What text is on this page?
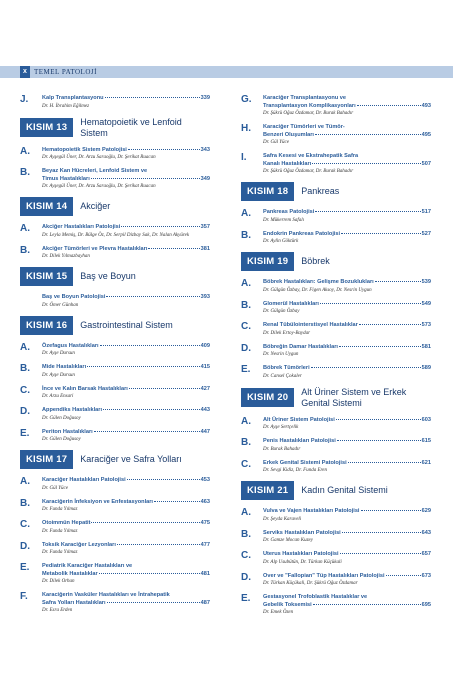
x	TEMEL PATOLOJİ
J. Kalp Transplantasyonu	339
Dr. H. İbrahim Eğilmez
KISIM 13
Hematopoietik ve Lenfoid Sistem
A. Hematopoietik Sistem Patolojisi	343
Dr. Ayşegül Üner, Dr. Arzu Saraoğlu, Dr. Şerikat Ruacan
B. Beyaz Kan Hücreleri, Lenfoid Sistem ve
Timus Hastalıkları	349
Dr. Ayşegül Üner, Dr. Arzu Saraoğlu, Dr. Şerikat Ruacan
KISIM 14	Akciğer
A. Akciğer Hastalıkları Patolojisi	357
Dr. Leyla Memiş, Dr. Bülge Öz, Dr. Serpil Dizbay Sak, Dr. Nalan Akyürek
B. Akciğer Tümörleri ve Plevra Hastalıkları	381
Dr. Dilek Yılmazbayhan
KISIM 15	Baş ve Boyun
Baş ve Boyun Patolojisi	393
Dr. Ömer Günhan
KISIM 16	Gastrointestinal Sistem
A. Özefagus Hastalıkları	409
Dr. Ayşe Dursun
B. Mide Hastalıkları	415
Dr. Ayşe Dursun
C. İnce ve Kalın Barsak Hastalıkları	427
Dr. Arzu Ensari
D. Appendiks Hastalıkları	443
Dr. Gülen Doğusoy
E. Periton Hastalıkları	447
Dr. Gülen Doğusoy
KISIM 17	Karaciğer ve Safra Yolları
A. Karaciğer Hastalıkları Patolojisi	453
Dr. Gül Yüce
B. Karaciğerin İnfeksiyon ve Enfestasyonları	463
Dr. Funda Yılmaz
C. Otoimmün Hepatit	475
Dr. Funda Yılmaz
D. Toksik Karaciğer Lezyonları	477
Dr. Funda Yılmaz
E. Pediatrik Karaciğer Hastalıkları ve
Metabolik Hastalıklar	481
Dr. Dilek Orhan
F.	Karaciğerin Vasküler Hastalıkları ve İntrahepatik
Safra Yolları Hastalıkları	487
Dr. Esra Erden
G. Karaciğer Transplantasyonu ve
Transplantasyon Komplikasyonları	493
Dr. Şükrü Oğuz Özdamar, Dr. Burak Bahadır
H. Karaciğer Tümörleri ve Tümör-
Benzeri Oluşumları	495
Dr. Gül Yüce
I.	Safra Kesesi ve Ekstrahepatik Safra
Kanalı Hastalıkları	507
Dr. Şükrü Oğuz Özdamar, Dr. Burak Bahadır
KISIM 18	Pankreas
A. Pankreas Patolojisi	517
Dr. Mükerrem Safalı
B. Endokrin Pankreas Patolojisi	527
Dr. Aylin Göktürk
KISIM 19	Böbrek
A. Böbrek Hastalıkları: Gelişme Bozuklukları	539
Dr. Gülgün Özbay, Dr. Figen Aksoy, Dr. Nesrin Uygun
B. Glomerül Hastalıkları	549
Dr. Gülgün Özbay
C. Renal Tübülointerstisyel Hastalıklar	573
Dr. Dilek Ertoy-Baydar
D. Böbreğin Damar Hastalıkları	581
Dr. Nesrin Uygun
E. Böbrek Tümörleri	589
Dr. Cansel Çokaler
KISIM 20
Alt Üriner Sistem ve Erkek
Genital Sistemi
A. Alt Üriner Sistem Patolojisi	603
Dr. Ayşe Sertçelik
B. Penis Hastalıkları Patolojisi	615
Dr. Burak Bahadır
C. Erkek Genital Sistemi Patolojisi	621
Dr. Sevgi Kidiz, Dr. Funda Eren
KISIM 21	Kadın Genital Sistemi
A. Vulva ve Vajen Hastalıkları Patolojisi	629
Dr. Şeyda Karaveli
B. Serviks Hastalıkları Patolojisi	643
Dr. Gamze Mocan Kuzey
C. Uterus Hastalıkları Patolojisi	657
Dr. Alp Usubütün, Dr. Türkan Küçükali
D. Over ve "Fallopian" Tüp Hastalıkları Patolojisi	673
Dr. Türkan Küçükali, Dr. Şükrü Oğuz Özdamar
E. Gestasyonel Trofoblastik Hastalıklar ve
Gebelik Toksemisi	695
Dr. Emek Özen
